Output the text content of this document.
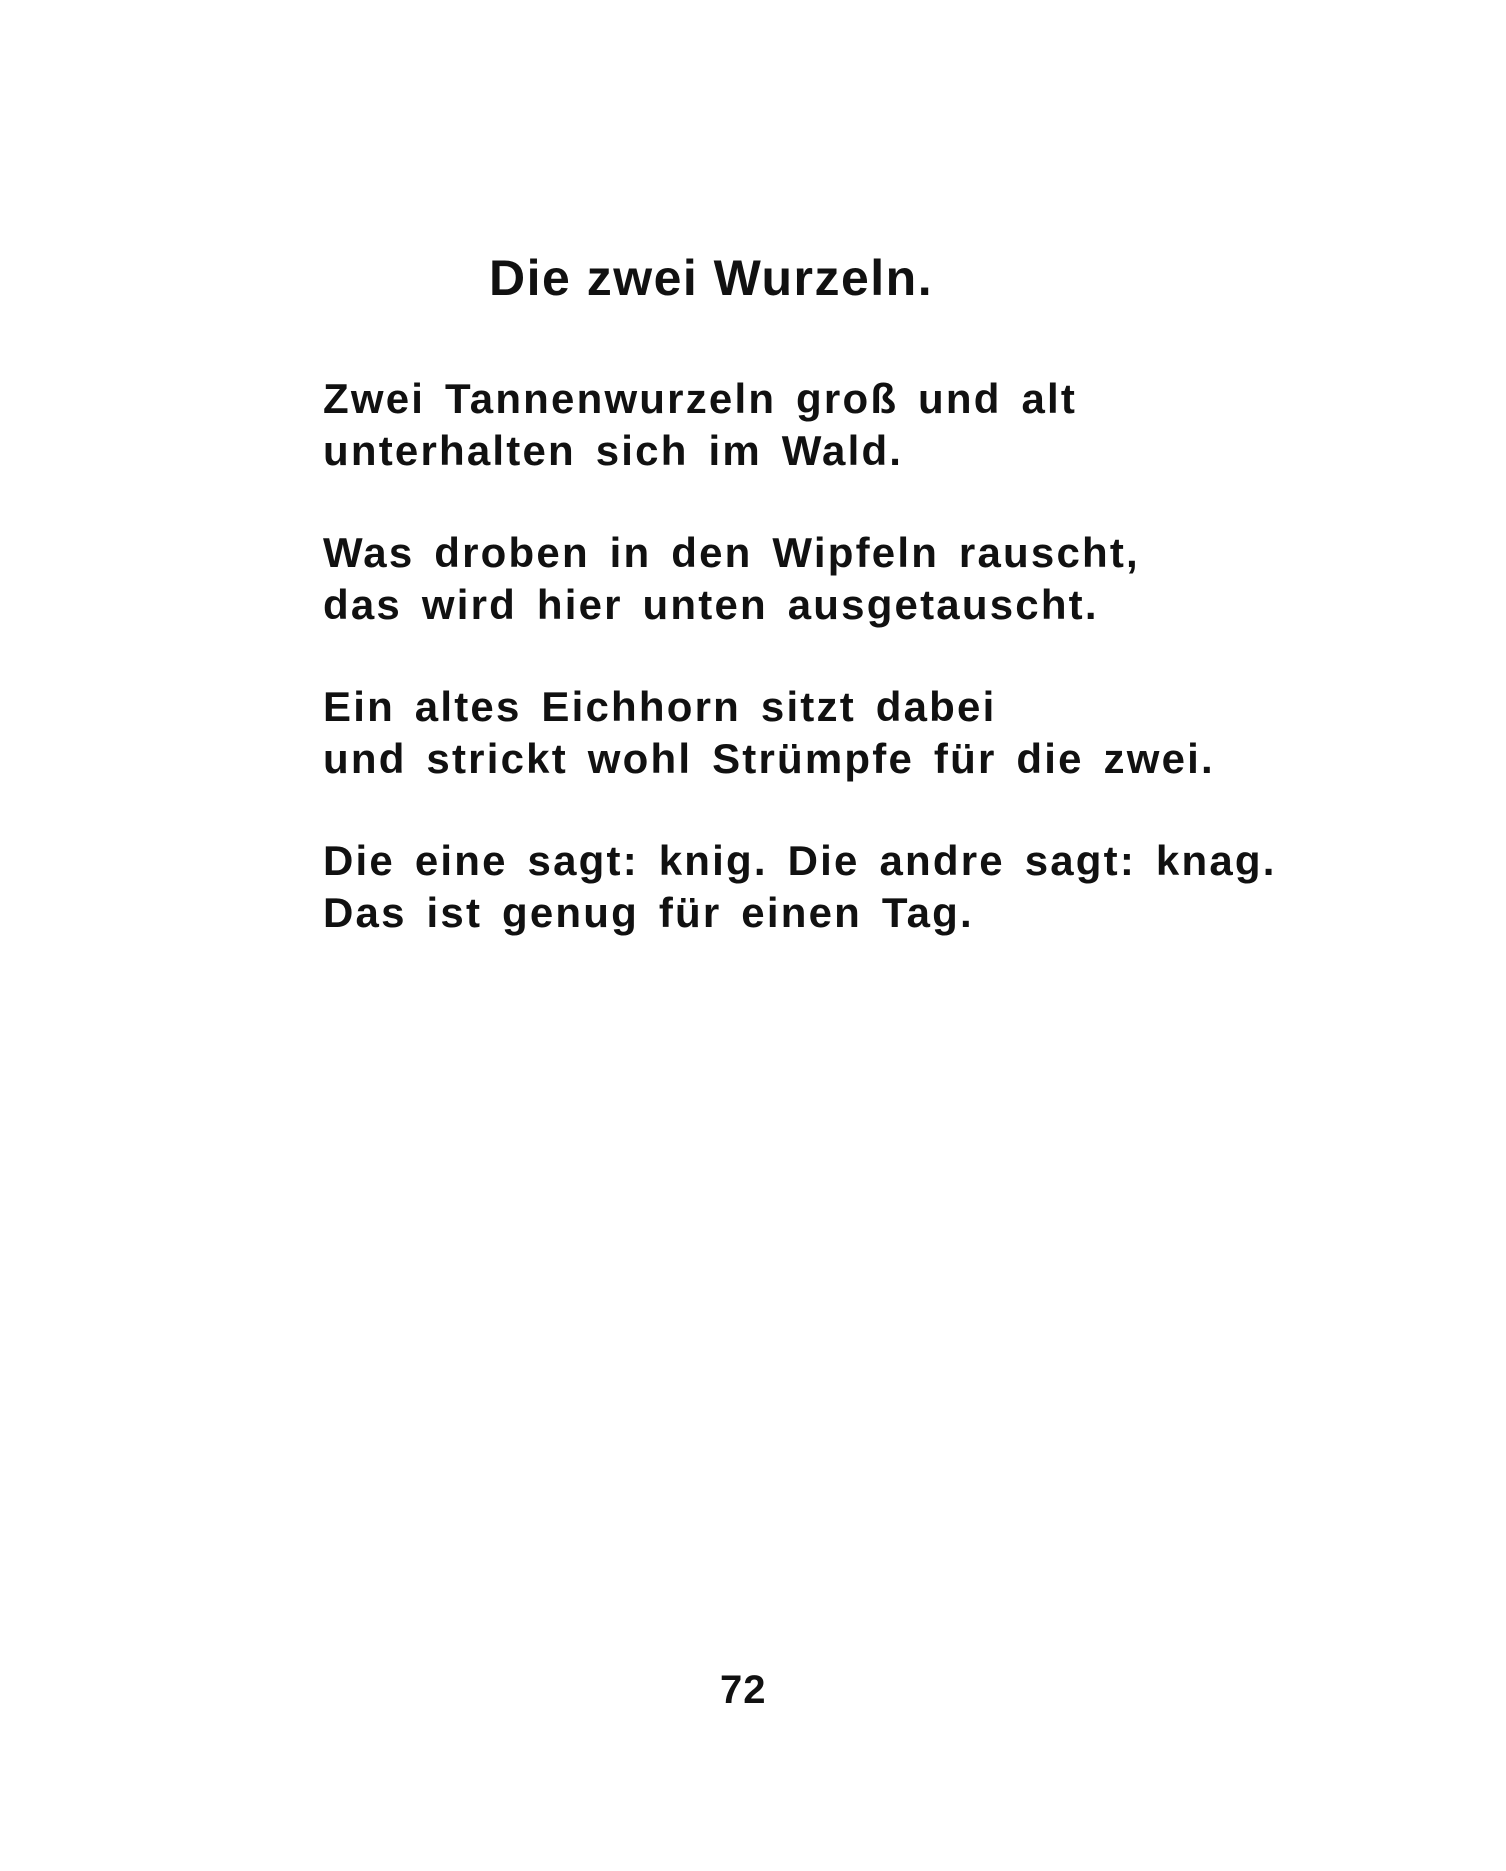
Die zwei Wurzeln.
Zwei Tannenwurzeln groß und alt
unterhalten sich im Wald.
Was droben in den Wipfeln rauscht,
das wird hier unten ausgetauscht.
Ein altes Eichhorn sitzt dabei
und strickt wohl Strümpfe für die zwei.
Die eine sagt: knig. Die andre sagt: knag.
Das ist genug für einen Tag.
72
